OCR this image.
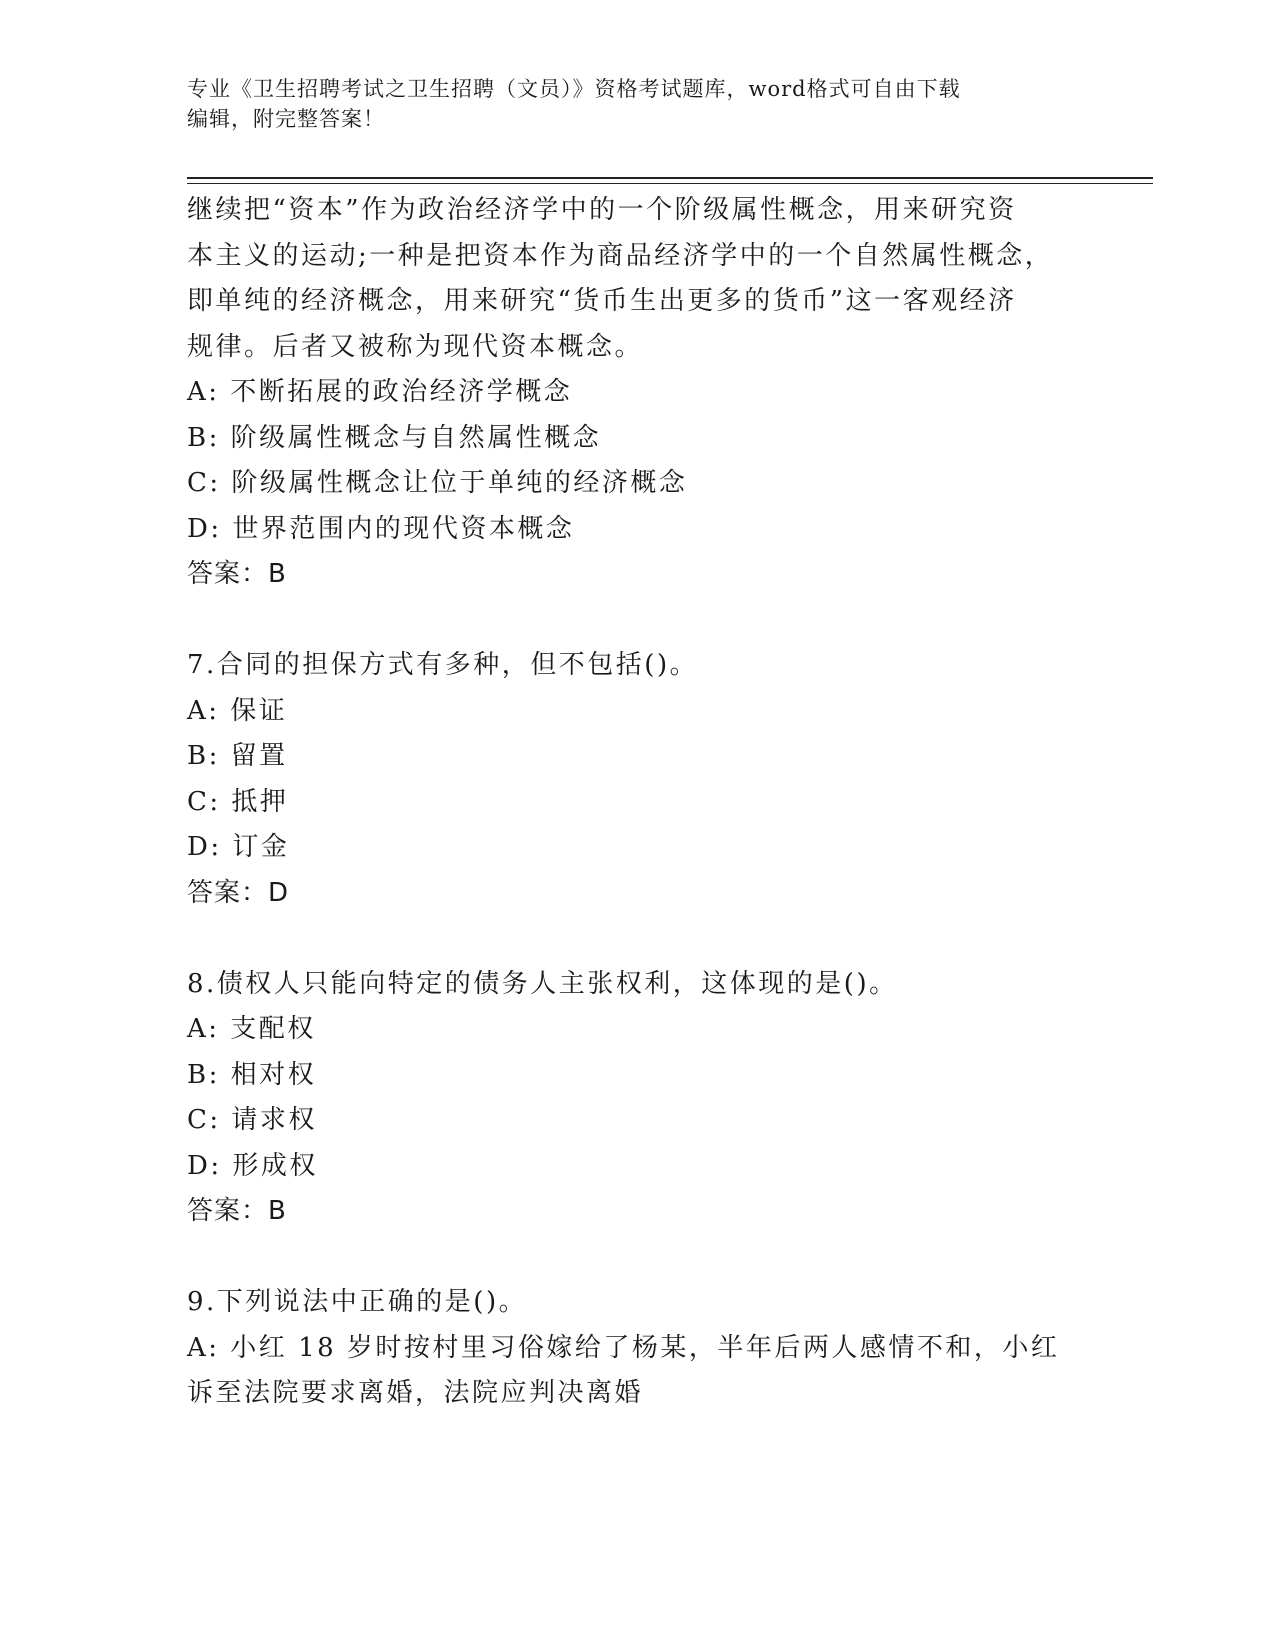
专业《卫生招聘考试之卫生招聘（文员）》资格考试题库，word格式可自由下载
编辑，附完整答案！
继续把“资本”作为政治经济学中的一个阶级属性概念，用来研究资
本主义的运动;一种是把资本作为商品经济学中的一个自然属性概念，
即单纯的经济概念，用来研究“货币生出更多的货币”这一客观经济
规律。后者又被称为现代资本概念。
A: 不断拓展的政治经济学概念
B: 阶级属性概念与自然属性概念
C: 阶级属性概念让位于单纯的经济概念
D: 世界范围内的现代资本概念
答案：B
7.合同的担保方式有多种，但不包括()。
A: 保证
B: 留置
C: 抵押
D: 订金
答案：D
8.债权人只能向特定的债务人主张权利，这体现的是()。
A: 支配权
B: 相对权
C: 请求权
D: 形成权
答案：B
9.下列说法中正确的是()。
A: 小红 18 岁时按村里习俗嫁给了杨某，半年后两人感情不和，小红
诉至法院要求离婚，法院应判决离婚
